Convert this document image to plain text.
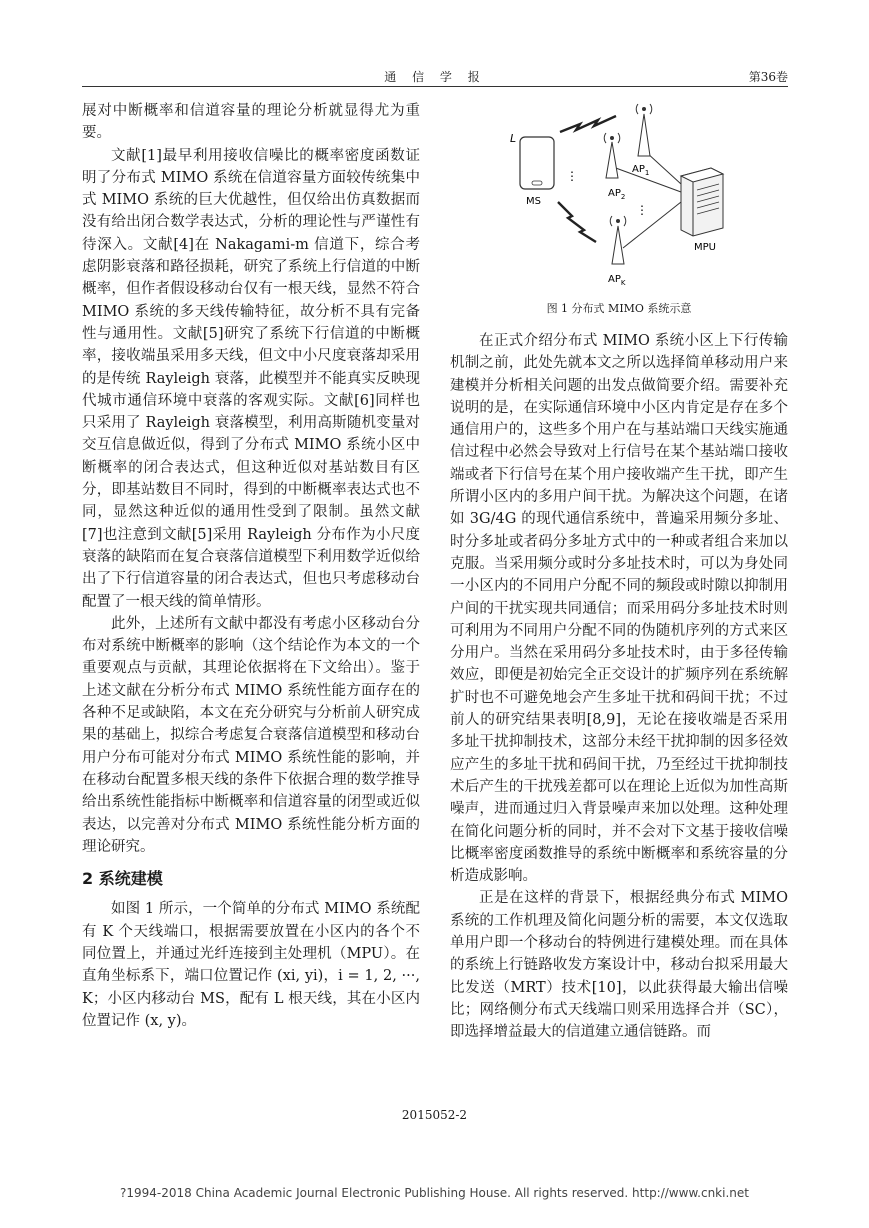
通 信 学 报	第36卷

展对中断概率和信道容量的理论分析就显得尤为重要。

文献[1]最早利用接收信噪比的概率密度函数证明了分布式 MIMO 系统在信道容量方面较传统集中式 MIMO 系统的巨大优越性，但仅给出仿真数据而没有给出闭合数学表达式，分析的理论性与严谨性有待深入。文献[4]在 Nakagami-m 信道下，综合考虑阴影衰落和路径损耗，研究了系统上行信道的中断概率，但作者假设移动台仅有一根天线，显然不符合 MIMO 系统的多天线传输特征，故分析不具有完备性与通用性。文献[5]研究了系统下行信道的中断概率，接收端虽采用多天线，但文中小尺度衰落却采用的是传统 Rayleigh 衰落，此模型并不能真实反映现代城市通信环境中衰落的客观实际。文献[6]同样也只采用了 Rayleigh 衰落模型，利用高斯随机变量对交互信息做近似，得到了分布式 MIMO 系统小区中断概率的闭合表达式，但这种近似对基站数目有区分，即基站数目不同时，得到的中断概率表达式也不同，显然这种近似的通用性受到了限制。虽然文献[7]也注意到文献[5]采用 Rayleigh 分布作为小尺度衰落的缺陷而在复合衰落信道模型下利用数学近似给出了下行信道容量的闭合表达式，但也只考虑移动台配置了一根天线的简单情形。

此外，上述所有文献中都没有考虑小区移动台分布对系统中断概率的影响（这个结论作为本文的一个重要观点与贡献，其理论依据将在下文给出）。鉴于上述文献在分析分布式 MIMO 系统性能方面存在的各种不足或缺陷，本文在充分研究与分析前人研究成果的基础上，拟综合考虑复合衰落信道模型和移动台用户分布可能对分布式 MIMO 系统性能的影响，并在移动台配置多根天线的条件下依据合理的数学推导给出系统性能指标中断概率和信道容量的闭型或近似表达，以完善对分布式 MIMO 系统性能分析方面的理论研究。

2 系统建模

如图 1 所示，一个简单的分布式 MIMO 系统配有 K 个天线端口，根据需要放置在小区内的各个不同位置上，并通过光纤连接到主处理机（MPU）。在直角坐标系下，端口位置记作 (xi, yi)，i = 1, 2, ···, K；小区内移动台 MS，配有 L 根天线，其在小区内位置记作 (x, y)。

L
MS
$AP_1$
$AP_2$
$AP_K$
⋮
⋮
MPU
图 1 分布式 MIMO 系统示意

在正式介绍分布式 MIMO 系统小区上下行传输机制之前，此处先就本文之所以选择简单移动用户来建模并分析相关问题的出发点做简要介绍。需要补充说明的是，在实际通信环境中小区内肯定是存在多个通信用户的，这些多个用户在与基站端口天线实施通信过程中必然会导致对上行信号在某个基站端口接收端或者下行信号在某个用户接收端产生干扰，即产生所谓小区内的多用户间干扰。为解决这个问题，在诸如 3G/4G 的现代通信系统中，普遍采用频分多址、时分多址或者码分多址方式中的一种或者组合来加以克服。当采用频分或时分多址技术时，可以为身处同一小区内的不同用户分配不同的频段或时隙以抑制用户间的干扰实现共同通信；而采用码分多址技术时则可利用为不同用户分配不同的伪随机序列的方式来区分用户。当然在采用码分多址技术时，由于多径传输效应，即便是初始完全正交设计的扩频序列在系统解扩时也不可避免地会产生多址干扰和码间干扰；不过前人的研究结果表明[8,9]，无论在接收端是否采用多址干扰抑制技术，这部分未经干扰抑制的因多径效应产生的多址干扰和码间干扰，乃至经过干扰抑制技术后产生的干扰残差都可以在理论上近似为加性高斯噪声，进而通过归入背景噪声来加以处理。这种处理在简化问题分析的同时，并不会对下文基于接收信噪比概率密度函数推导的系统中断概率和系统容量的分析造成影响。

正是在这样的背景下，根据经典分布式 MIMO 系统的工作机理及简化问题分析的需要，本文仅选取单用户即一个移动台的特例进行建模处理。而在具体的系统上行链路收发方案设计中，移动台拟采用最大比发送（MRT）技术[10]，以此获得最大输出信噪比；网络侧分布式天线端口则采用选择合并（SC），即选择增益最大的信道建立通信链路。而

2015052-2
?1994-2018 China Academic Journal Electronic Publishing House. All rights reserved. http://www.cnki.net
